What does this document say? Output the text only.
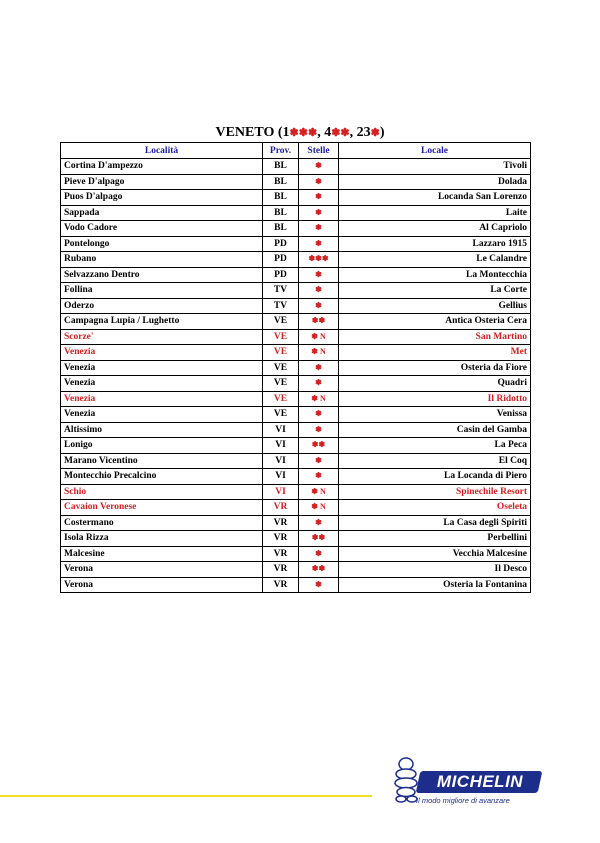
VENETO (1✽✽✽, 4✽✽, 23✽)
Località	Prov.	Stelle	Locale
Cortina D'ampezzo	BL	✽	Tivoli
Pieve D'alpago	BL	✽	Dolada
Puos D'alpago	BL	✽	Locanda San Lorenzo
Sappada	BL	✽	Laite
Vodo Cadore	BL	✽	Al Capriolo
Pontelongo	PD	✽	Lazzaro 1915
Rubano	PD	✽✽✽	Le Calandre
Selvazzano Dentro	PD	✽	La Montecchia
Follina	TV	✽	La Corte
Oderzo	TV	✽	Gellius
Campagna Lupia / Lughetto	VE	✽✽	Antica Osteria Cera
Scorze'	VE	✽ N	San Martino
Venezia	VE	✽ N	Met
Venezia	VE	✽	Osteria da Fiore
Venezia	VE	✽	Quadri
Venezia	VE	✽ N	Il Ridotto
Venezia	VE	✽	Venissa
Altissimo	VI	✽	Casin del Gamba
Lonigo	VI	✽✽	La Peca
Marano Vicentino	VI	✽	El Coq
Montecchio Precalcino	VI	✽	La Locanda di Piero
Schio	VI	✽ N	Spinechile Resort
Cavaion Veronese	VR	✽ N	Oseleta
Costermano	VR	✽	La Casa degli Spiriti
Isola Rizza	VR	✽✽	Perbellini
Malcesine	VR	✽	Vecchia Malcesine
Verona	VR	✽✽	Il Desco
Verona	VR	✽	Osteria la Fontanina
MICHELIN
Il modo migliore di avanzare
